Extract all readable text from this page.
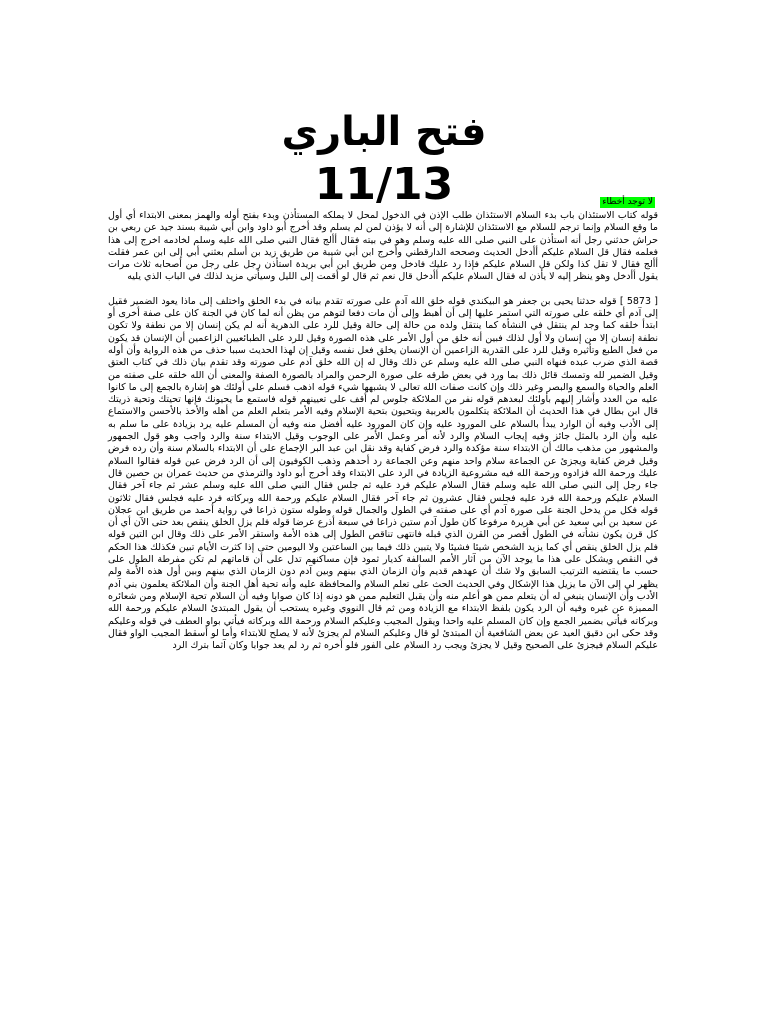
فتح الباري
11/13	لا توجد أخطاء

قوله كتاب الاستئذان باب بدء السلام الاستئذان طلب الإذن في الدخول لمحل لا يملكه المستأذن وبدء بفتح أوله والهمز بمعنى الابتداء أي أول ما وقع السلام وإنما ترجم للسلام مع الاستئذان للإشارة إلى أنه لا يؤذن لمن لم يسلم وقد أخرج أبو داود وابن أبي شيبة بسند جيد عن ربعي بن حراش حدثني رجل أنه استأذن على النبي صلى الله عليه وسلم وهو في بيته فقال أألج فقال النبي صلى الله عليه وسلم لخادمه اخرج إلى هذا فعلمه فقال قل السلام عليكم أأدخل الحديث وصححه الدارقطني وأخرج ابن أبي شيبة من طريق زيد بن أسلم بعثني أبي إلى ابن عمر فقلت أألج فقال لا تقل كذا ولكن قل السلام عليكم فإذا رد عليك فادخل ومن طريق ابن أبي بريدة استأذن رجل على رجل من أصحابه ثلاث مرات يقول أأدخل وهو ينظر إليه لا يأذن له فقال السلام عليكم أأدخل قال نعم ثم قال لو أقمت إلى الليل وسيأتي مزيد لذلك في الباب الذي يليه

[ 5873 ] قوله حدثنا يحيى بن جعفر هو البيكندي قوله خلق الله آدم على صورته تقدم بيانه في بدء الخلق واختلف إلى ماذا يعود الضمير فقيل إلى آدم أي خلقه على صورته التي استمر عليها إلى أن أهبط وإلى أن مات دفعا لتوهم من يظن أنه لما كان في الجنة كان على صفة أخرى أو ابتدأ خلقه كما وجد لم ينتقل في النشأة كما ينتقل ولده من حالة إلى حالة وقيل للرد على الدهرية أنه لم يكن إنسان إلا من نطفة ولا تكون نطفة إنسان إلا من إنسان ولا أول لذلك فبين أنه خلق من أول الأمر على هذه الصورة وقيل للرد على الطبائعيين الزاعمين أن الإنسان قد يكون من فعل الطبع وتأثيره وقيل للرد على القدرية الزاعمين أن الإنسان يخلق فعل نفسه وقيل إن لهذا الحديث سببا حذف من هذه الرواية وأن أوله قصة الذي ضرب عبده فنهاه النبي صلى الله عليه وسلم عن ذلك وقال له إن الله خلق آدم على صورته وقد تقدم بيان ذلك في كتاب العتق وقيل الضمير لله وتمسك قائل ذلك بما ورد في بعض طرقه على صورة الرحمن والمراد بالصورة الصفة والمعنى أن الله خلقه على صفته من العلم والحياة والسمع والبصر وغير ذلك وإن كانت صفات الله تعالى لا يشبهها شيء قوله اذهب فسلم على أولئك هو إشارة بالجمع إلى ما كانوا عليه من العدد وأشار إليهم بأولئك لبعدهم قوله نفر من الملائكة جلوس لم أقف على تعيينهم قوله فاستمع ما يحيونك فإنها تحيتك وتحية ذريتك قال ابن بطال في هذا الحديث أن الملائكة يتكلمون بالعربية ويتحيون بتحية الإسلام وفيه الأمر بتعلم العلم من أهله والأخذ بالأحسن والاستماع إلى الأدب وفيه أن الوارد يبدأ بالسلام على المورود عليه وإن كان المورود عليه أفضل منه وفيه أن المسلم عليه يرد بزيادة على ما سلم به عليه وأن الرد بالمثل جائز وفيه إيجاب السلام والرد لأنه أمر وعمل الأمر على الوجوب وقيل الابتداء سنة والرد واجب وهو قول الجمهور والمشهور من مذهب مالك أن الابتداء سنة مؤكدة والرد فرض كفاية وقد نقل ابن عبد البر الإجماع على أن الابتداء بالسلام سنة وأن رده فرض وقيل فرض كفاية ويجزئ عن الجماعة سلام واحد منهم وعن الجماعة رد أحدهم وذهب الكوفيون إلى أن الرد فرض عين قوله فقالوا السلام عليك ورحمة الله فزادوه ورحمة الله فيه مشروعية الزيادة في الرد على الابتداء وقد أخرج أبو داود والترمذي من حديث عمران بن حصين قال جاء رجل إلى النبي صلى الله عليه وسلم فقال السلام عليكم فرد عليه ثم جلس فقال النبي صلى الله عليه وسلم عشر ثم جاء آخر فقال السلام عليكم ورحمة الله فرد عليه فجلس فقال عشرون ثم جاء آخر فقال السلام عليكم ورحمة الله وبركاته فرد عليه فجلس فقال ثلاثون قوله فكل من يدخل الجنة على صورة آدم أي على صفته في الطول والجمال قوله وطوله ستون ذراعا في رواية أحمد من طريق ابن عجلان عن سعيد بن أبي سعيد عن أبي هريرة مرفوعا كان طول آدم ستين ذراعا في سبعة أذرع عرضا قوله فلم يزل الخلق ينقص بعد حتى الآن أي أن كل قرن يكون نشأته في الطول أقصر من القرن الذي قبله فانتهى تناقص الطول إلى هذه الأمة واستقر الأمر على ذلك وقال ابن التين قوله فلم يزل الخلق ينقص أي كما يزيد الشخص شيئا فشيئا ولا يتبين ذلك فيما بين الساعتين ولا اليومين حتى إذا كثرت الأيام تبين فكذلك هذا الحكم في النقص ويشكل على هذا ما يوجد الآن من آثار الأمم السالفة كديار ثمود فإن مساكنهم تدل على أن قاماتهم لم تكن مفرطة الطول على حسب ما يقتضيه الترتيب السابق ولا شك أن عهدهم قديم وأن الزمان الذي بينهم وبين آدم دون الزمان الذي بينهم وبين أول هذه الأمة ولم يظهر لي إلى الآن ما يزيل هذا الإشكال وفي الحديث الحث على تعلم السلام والمحافظة عليه وأنه تحية أهل الجنة وأن الملائكة يعلمون بني آدم الأدب وأن الإنسان ينبغي له أن يتعلم ممن هو أعلم منه وأن يقبل التعليم ممن هو دونه إذا كان صوابا وفيه أن السلام تحية الإسلام ومن شعائره المميزة عن غيره وفيه أن الرد يكون بلفظ الابتداء مع الزيادة ومن ثم قال النووي وغيره يستحب أن يقول المبتدئ السلام عليكم ورحمة الله وبركاته فيأتي بضمير الجمع وإن كان المسلم عليه واحدا ويقول المجيب وعليكم السلام ورحمة الله وبركاته فيأتي بواو العطف في قوله وعليكم وقد حكى ابن دقيق العيد عن بعض الشافعية أن المبتدئ لو قال وعليكم السلام لم يجزئ لأنه لا يصلح للابتداء وأما لو أسقط المجيب الواو فقال عليكم السلام فيجزئ على الصحيح وقيل لا يجزئ ويجب رد السلام على الفور فلو أخره ثم رد لم يعد جوابا وكان آثما بترك الرد
